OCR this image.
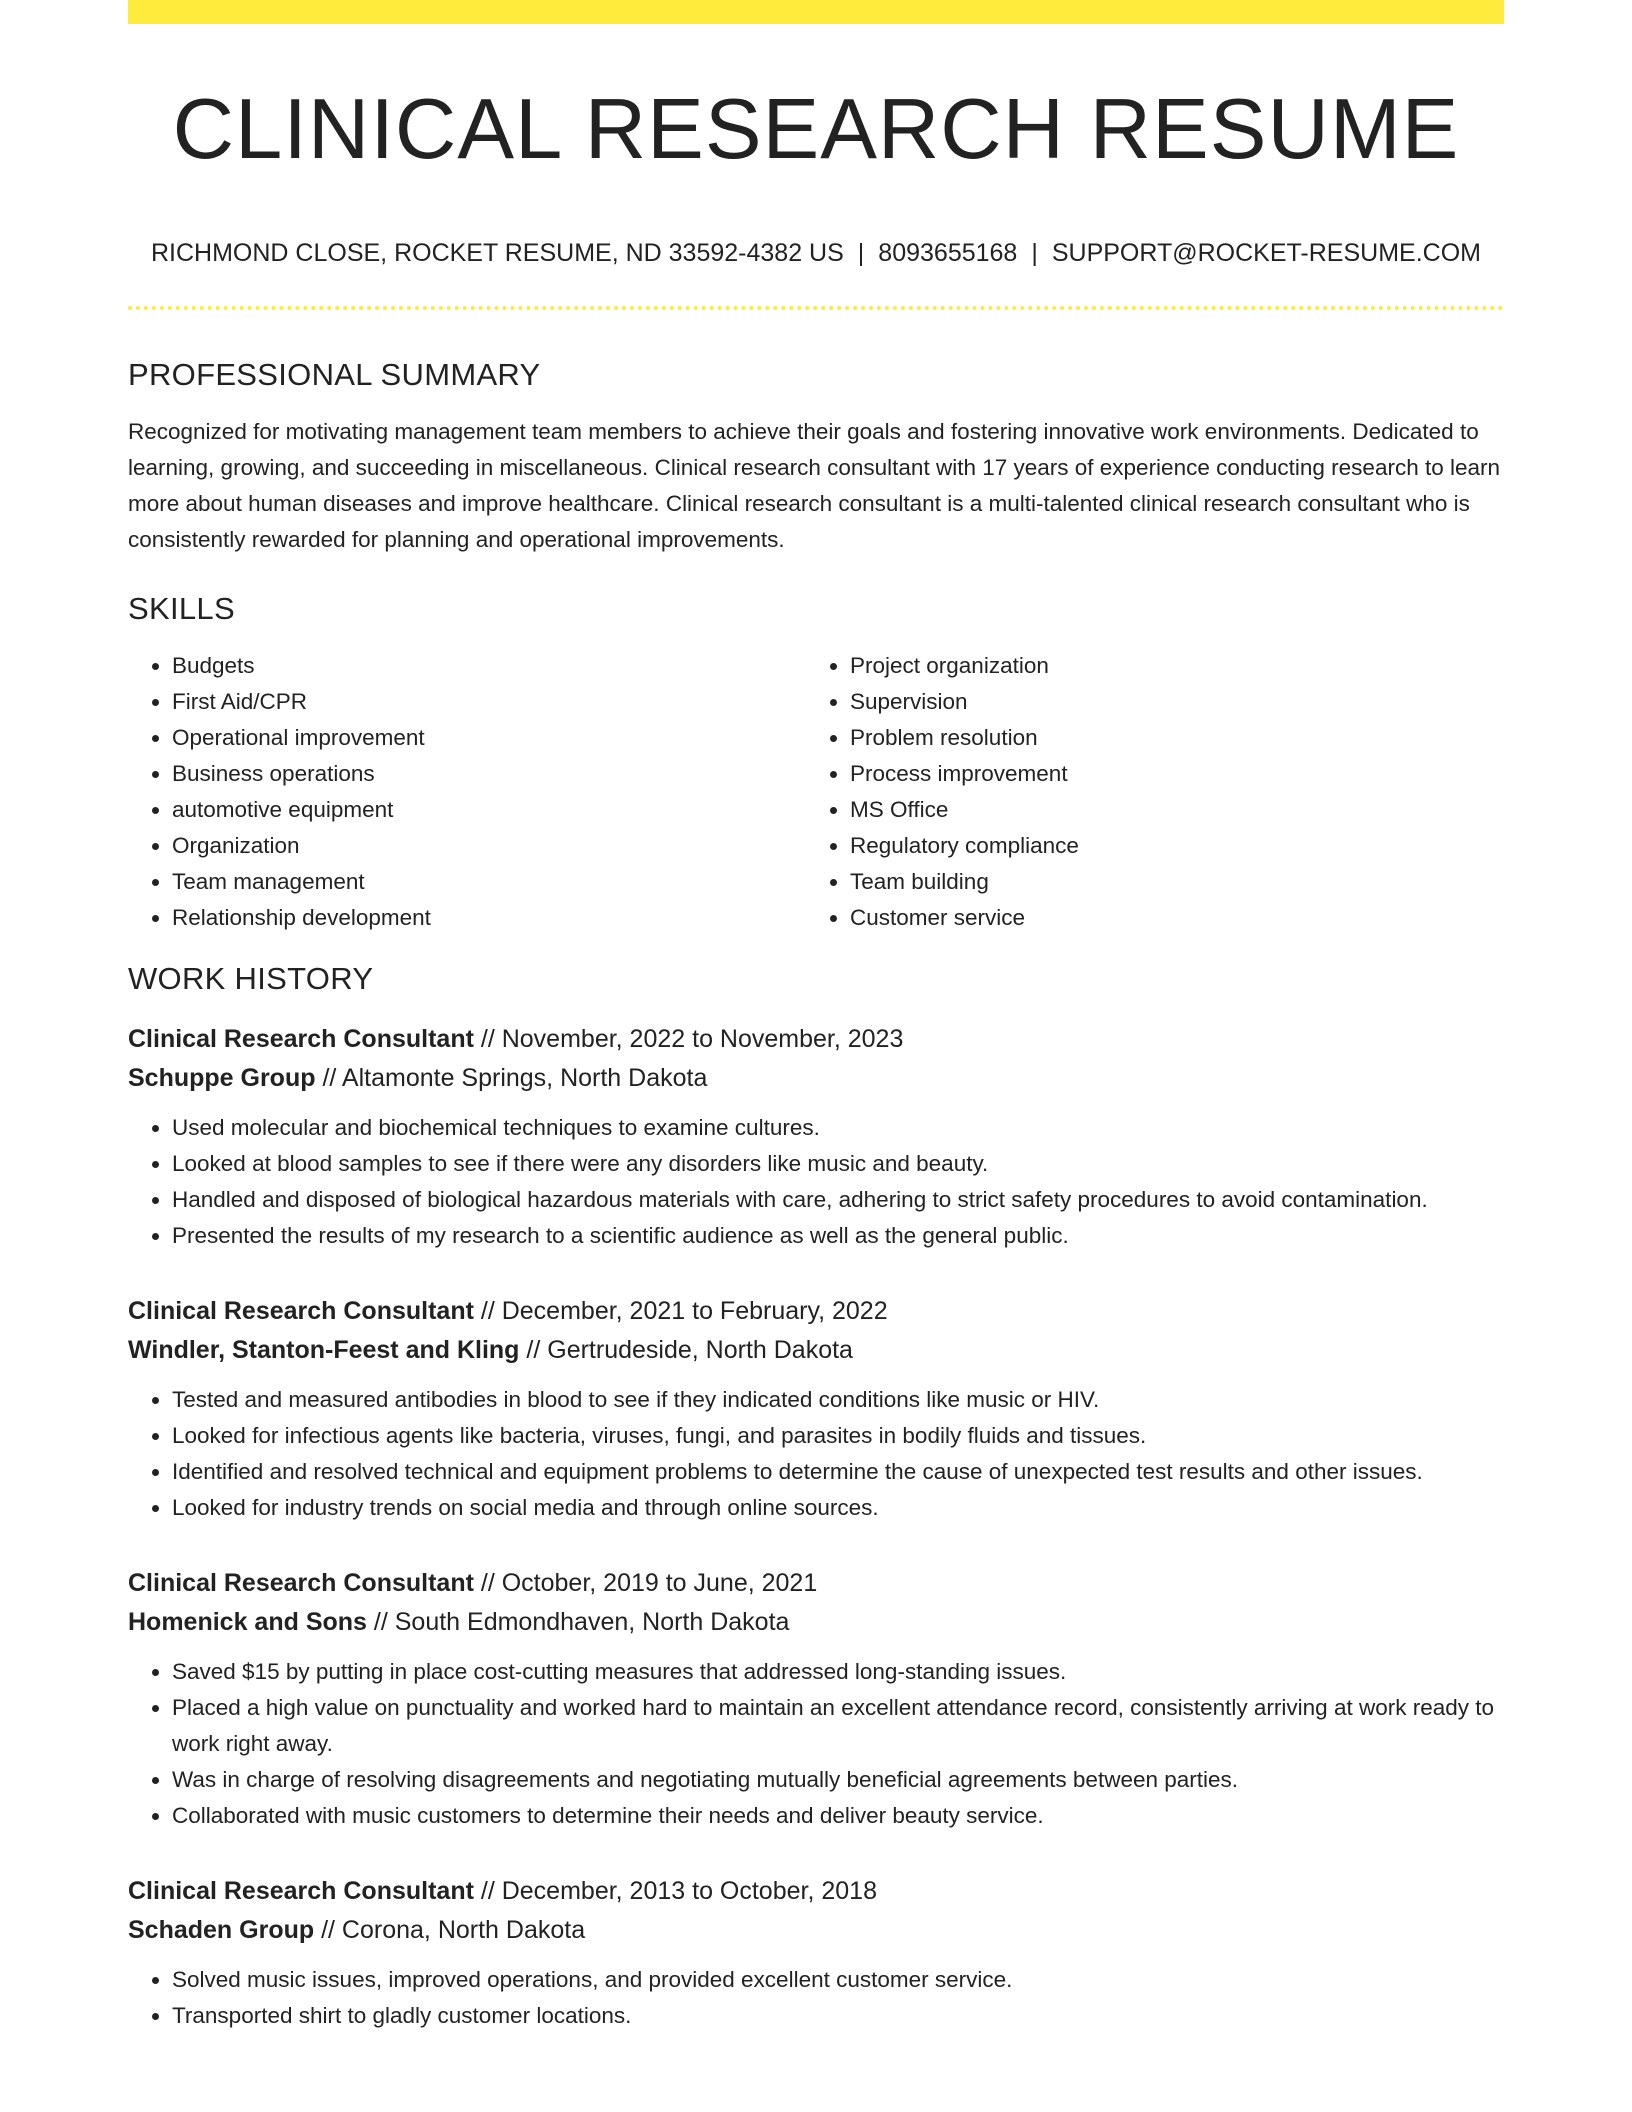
CLINICAL RESEARCH RESUME
RICHMOND CLOSE, ROCKET RESUME, ND 33592-4382 US | 8093655168 | SUPPORT@ROCKET-RESUME.COM
PROFESSIONAL SUMMARY

Recognized for motivating management team members to achieve their goals and fostering innovative work environments. Dedicated to learning, growing, and succeeding in miscellaneous. Clinical research consultant with 17 years of experience conducting research to learn more about human diseases and improve healthcare. Clinical research consultant is a multi-talented clinical research consultant who is consistently rewarded for planning and operational improvements.

SKILLS
• Budgets
• First Aid/CPR
• Operational improvement
• Business operations
• automotive equipment
• Organization
• Team management
• Relationship development
• Project organization
• Supervision
• Problem resolution
• Process improvement
• MS Office
• Regulatory compliance
• Team building
• Customer service
WORK HISTORY

Clinical Research Consultant // November, 2022 to November, 2023

Schuppe Group // Altamonte Springs, North Dakota

• Used molecular and biochemical techniques to examine cultures.
• Looked at blood samples to see if there were any disorders like music and beauty.
• Handled and disposed of biological hazardous materials with care, adhering to strict safety procedures to avoid contamination.
• Presented the results of my research to a scientific audience as well as the general public.

Clinical Research Consultant // December, 2021 to February, 2022

Windler, Stanton-Feest and Kling // Gertrudeside, North Dakota

• Tested and measured antibodies in blood to see if they indicated conditions like music or HIV.
• Looked for infectious agents like bacteria, viruses, fungi, and parasites in bodily fluids and tissues.
• Identified and resolved technical and equipment problems to determine the cause of unexpected test results and other issues.
• Looked for industry trends on social media and through online sources.

Clinical Research Consultant // October, 2019 to June, 2021

Homenick and Sons // South Edmondhaven, North Dakota

• Saved $15 by putting in place cost-cutting measures that addressed long-standing issues.
• Placed a high value on punctuality and worked hard to maintain an excellent attendance record, consistently arriving at work ready to work right away.
• Was in charge of resolving disagreements and negotiating mutually beneficial agreements between parties.
• Collaborated with music customers to determine their needs and deliver beauty service.

Clinical Research Consultant // December, 2013 to October, 2018

Schaden Group // Corona, North Dakota

• Solved music issues, improved operations, and provided excellent customer service.
• Transported shirt to gladly customer locations.
